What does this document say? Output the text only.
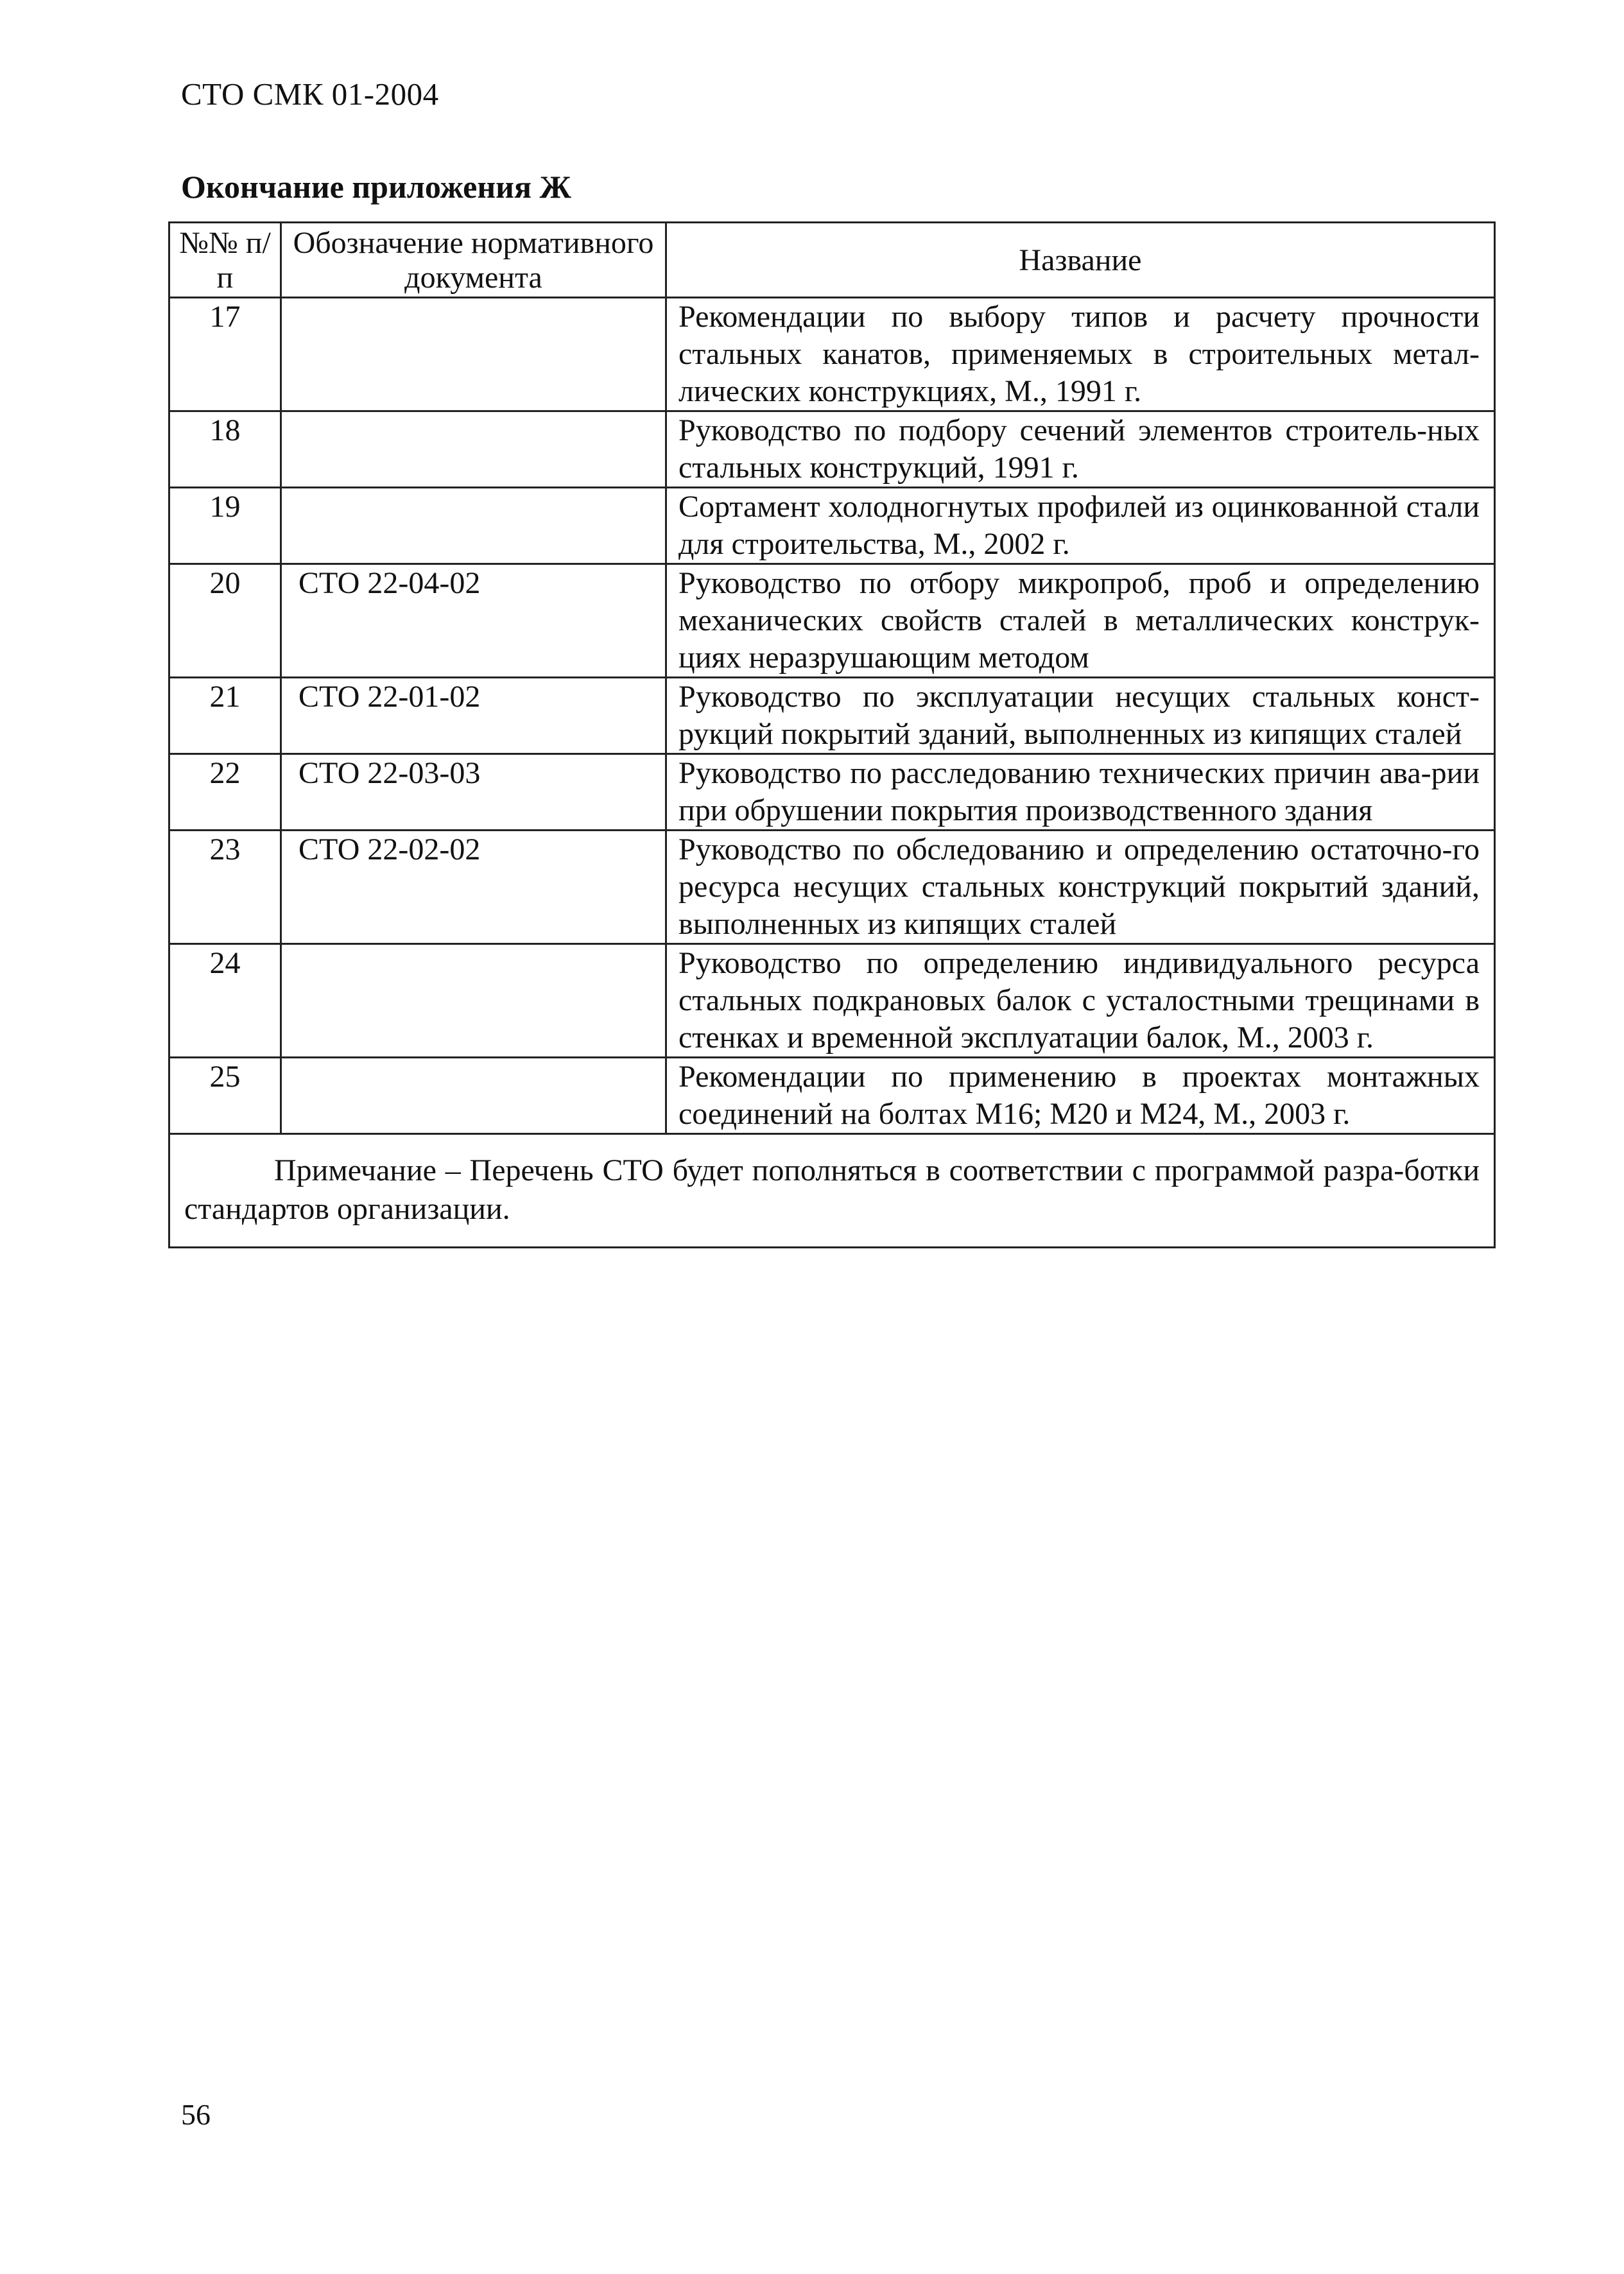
СТО СМК 01-2004
Окончание приложения Ж
№№ п/п	Обозначение нормативного документа	Название
17		Рекомендации по выбору типов и расчету прочности стальных канатов, применяемых в строительных метал-лических конструкциях, М., 1991 г.
18		Руководство по подбору сечений элементов строитель-ных стальных конструкций, 1991 г.
19		Сортамент холодногнутых профилей из оцинкованной стали для строительства, М., 2002 г.
20	СТО 22-04-02	Руководство по отбору микропроб, проб и определению механических свойств сталей в металлических конструк-циях неразрушающим методом
21	СТО 22-01-02	Руководство по эксплуатации несущих стальных конст-рукций покрытий зданий, выполненных из кипящих сталей
22	СТО 22-03-03	Руководство по расследованию технических причин ава-рии при обрушении покрытия производственного здания
23	СТО 22-02-02	Руководство по обследованию и определению остаточно-го ресурса несущих стальных конструкций покрытий зданий, выполненных из кипящих сталей
24		Руководство по определению индивидуального ресурса стальных подкрановых балок с усталостными трещинами в стенках и временной эксплуатации балок, М., 2003 г.
25		Рекомендации по применению в проектах монтажных соединений на болтах М16; М20 и М24, М., 2003 г.
Примечание – Перечень СТО будет пополняться в соответствии с программой разра-ботки стандартов организации.		
56
